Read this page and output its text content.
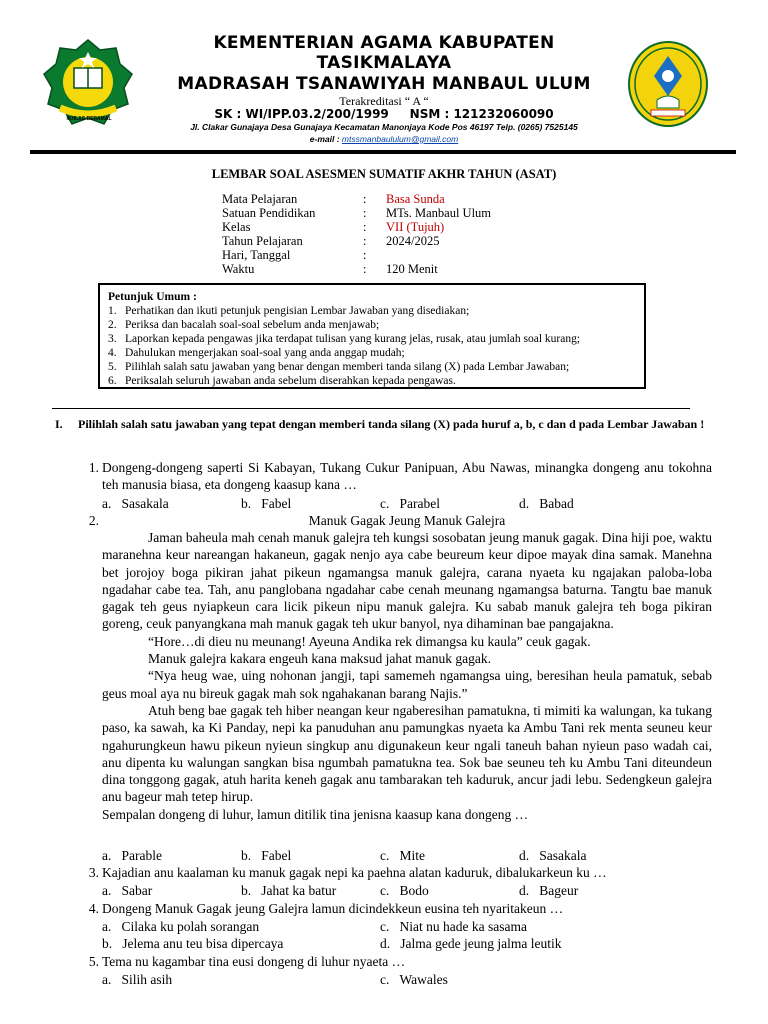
IKHLAS BERAMAL
KEMENTERIAN AGAMA KABUPATEN
TASIKMALAYA
MADRASAH TSANAWIYAH MANBAUL ULUM
Terakreditasi “ A “
SK : WI/IPP.03.2/200/1999     NSM : 121232060090
Jl. Clakar Gunajaya Desa Gunajaya Kecamatan Manonjaya Kode Pos 46197 Telp. (0265) 7525145
e-mail : mtssmanbaululum@gmail.com
LEMBAR SOAL ASESMEN SUMATIF AKHR TAHUN (ASAT)
Mata Pelajaran	: Basa Sunda
Satuan Pendidikan	: MTs. Manbaul Ulum
Kelas	: VII (Tujuh)
Tahun Pelajaran	: 2024/2025
Hari, Tanggal	:
Waktu	: 120 Menit
Petunjuk Umum :
1. Perhatikan dan ikuti petunjuk pengisian Lembar Jawaban yang disediakan;
2. Periksa dan bacalah soal-soal sebelum anda menjawab;
3. Laporkan kepada pengawas jika terdapat tulisan yang kurang jelas, rusak, atau jumlah soal kurang;
4. Dahulukan mengerjakan soal-soal yang anda anggap mudah;
5. Pilihlah salah satu jawaban yang benar dengan memberi tanda silang (X) pada Lembar Jawaban;
6. Periksalah seluruh jawaban anda sebelum diserahkan kepada pengawas.
I.	Pilihlah salah satu jawaban yang tepat dengan memberi tanda silang (X) pada huruf a, b, c dan d pada Lembar Jawaban !
1. Dongeng-dongeng saperti Si Kabayan, Tukang Cukur Panipuan, Abu Nawas, minangka dongeng anu tokohna teh manusia biasa, eta dongeng kaasup kana …
a. Sasakala	b. Fabel	c. Parabel	d. Babad
2.	Manuk Gagak Jeung Manuk Galejra

Jaman baheula mah cenah manuk galejra teh kungsi sosobatan jeung manuk gagak. Dina hiji poe, waktu maranehna keur nareangan hakaneun, gagak nenjo aya cabe beureum keur dipoe mayak dina samak. Manehna bet jorojoy boga pikiran jahat pikeun ngamangsa manuk galejra, carana nyaeta ku ngajakan paloba-loba ngadahar cabe tea. Tah, anu panglobana ngadahar cabe cenah meunang ngamangsa baturna. Tangtu bae manuk gagak teh geus nyiapkeun cara licik pikeun nipu manuk galejra. Ku sabab manuk galejra teh boga pikiran goreng, ceuk panyangkana mah manuk gagak teh ukur banyol, nya dihaminan bae pangajakna.

“Hore…di dieu nu meunang! Ayeuna Andika rek dimangsa ku kaula” ceuk gagak.

Manuk galejra kakara engeuh kana maksud jahat manuk gagak.

“Nya heug wae, uing nohonan jangji, tapi samemeh ngamangsa uing, beresihan heula pamatuk, sebab geus moal aya nu bireuk gagak mah sok ngahakanan barang Najis.”

Atuh beng bae gagak teh hiber neangan keur ngaberesihan pamatukna, ti mimiti ka walungan, ka tukang paso, ka sawah, ka Ki Panday, nepi ka panuduhan anu pamungkas nyaeta ka Ambu Tani rek menta seuneu keur ngahurungkeun hawu pikeun nyieun singkup anu digunakeun keur ngali taneuh bahan nyieun paso wadah cai, anu dipenta ku walungan sangkan bisa ngumbah pamatukna tea. Sok bae seuneu teh ku Ambu Tani diteundeun dina tonggong gagak, atuh harita keneh gagak anu tambarakan teh kaduruk, ancur jadi lebu. Sedengkeun galejra anu bageur mah tetep hirup.

Sempalan dongeng di luhur, lamun ditilik tina jenisna kaasup kana dongeng …

a. Parable	b. Fabel	c. Mite	d. Sasakala
3. Kajadian anu kaalaman ku manuk gagak nepi ka paehna alatan kaduruk, dibalukarkeun ku …
a. Sabar	b. Jahat ka batur	c. Bodo	d. Bageur
4. Dongeng Manuk Gagak jeung Galejra lamun dicindekkeun eusina teh nyaritakeun …
a. Cilaka ku polah sorangan	c. Niat nu hade ka sasama
b. Jelema anu teu bisa dipercaya	d. Jalma gede jeung jalma leutik
5. Tema nu kagambar tina eusi dongeng di luhur nyaeta …
a. Silih asih	c. Wawales
